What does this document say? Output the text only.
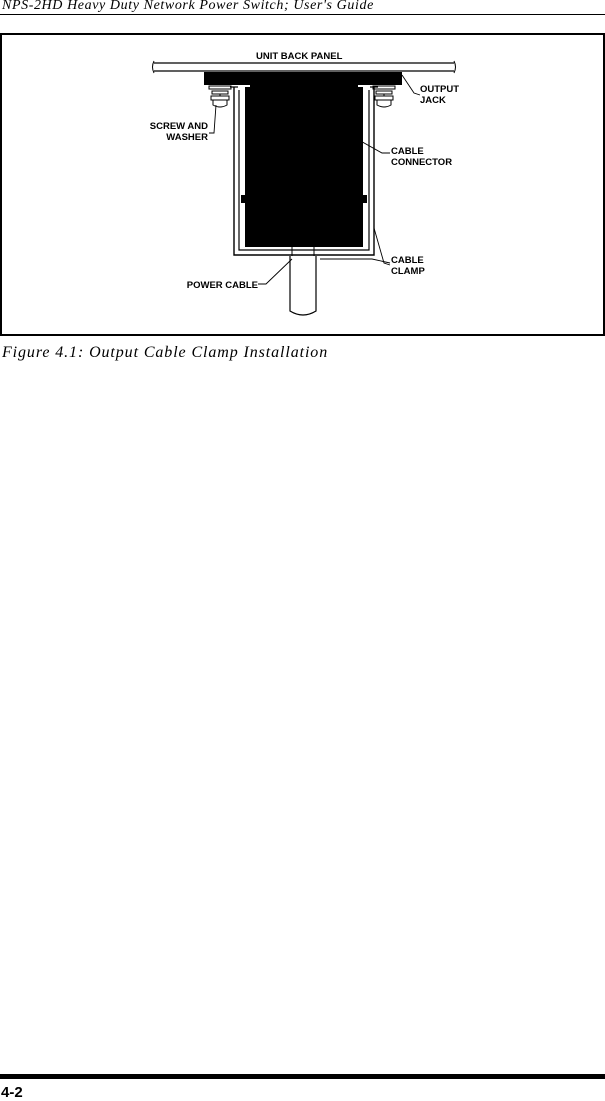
NPS-2HD Heavy Duty Network Power Switch; User's Guide
UNIT BACK PANEL
OUTPUT
JACK
SCREW AND
WASHER
CABLE
CONNECTOR
CABLE
CLAMP
POWER CABLE
Figure 4.1: Output Cable Clamp Installation
4-2
